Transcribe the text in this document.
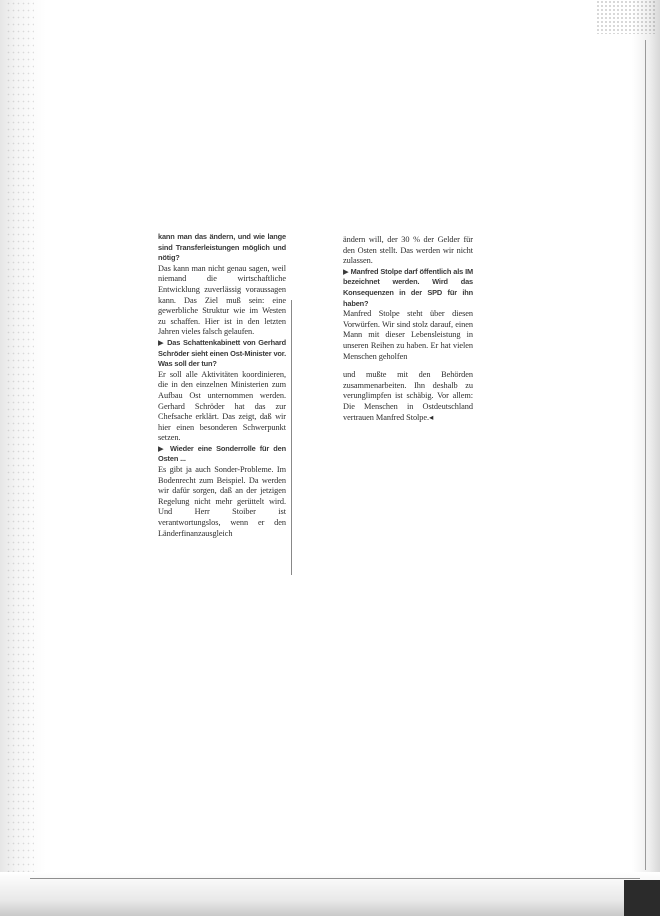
kann man das ändern, und wie lange sind Transferleistungen möglich und nötig?

Das kann man nicht genau sagen, weil niemand die wirtschaftliche Entwicklung zuverlässig voraussagen kann. Das Ziel muß sein: eine gewerbliche Struktur wie im Westen zu schaffen. Hier ist in den letzten Jahren vieles falsch gelaufen.

▶ Das Schattenkabinett von Gerhard Schröder sieht einen Ost-Minister vor. Was soll der tun?

Er soll alle Aktivitäten koordinieren, die in den einzelnen Ministerien zum Aufbau Ost unternommen werden. Gerhard Schröder hat das zur Chefsache erklärt. Das zeigt, daß wir hier einen besonderen Schwerpunkt setzen.

▶ Wieder eine Sonderrolle für den Osten ...

Es gibt ja auch Sonder-Probleme. Im Bodenrecht zum Beispiel. Da werden wir dafür sorgen, daß an der jetzigen Regelung nicht mehr gerüttelt wird. Und Herr Stoiber ist verantwortungslos, wenn er den Länderfinanzausgleich

ändern will, der 30 % der Gelder für den Osten stellt. Das werden wir nicht zulassen.

▶ Manfred Stolpe darf öffentlich als IM bezeichnet werden. Wird das Konsequenzen in der SPD für ihn haben?

Manfred Stolpe steht über diesen Vorwürfen. Wir sind stolz darauf, einen Mann mit dieser Lebensleistung in unseren Reihen zu haben. Er hat vielen Menschen geholfen

und mußte mit den Behörden zusammenarbeiten. Ihn deshalb zu verunglimpfen ist schäbig. Vor allem: Die Menschen in Ostdeutschland vertrauen Manfred Stolpe.◂
